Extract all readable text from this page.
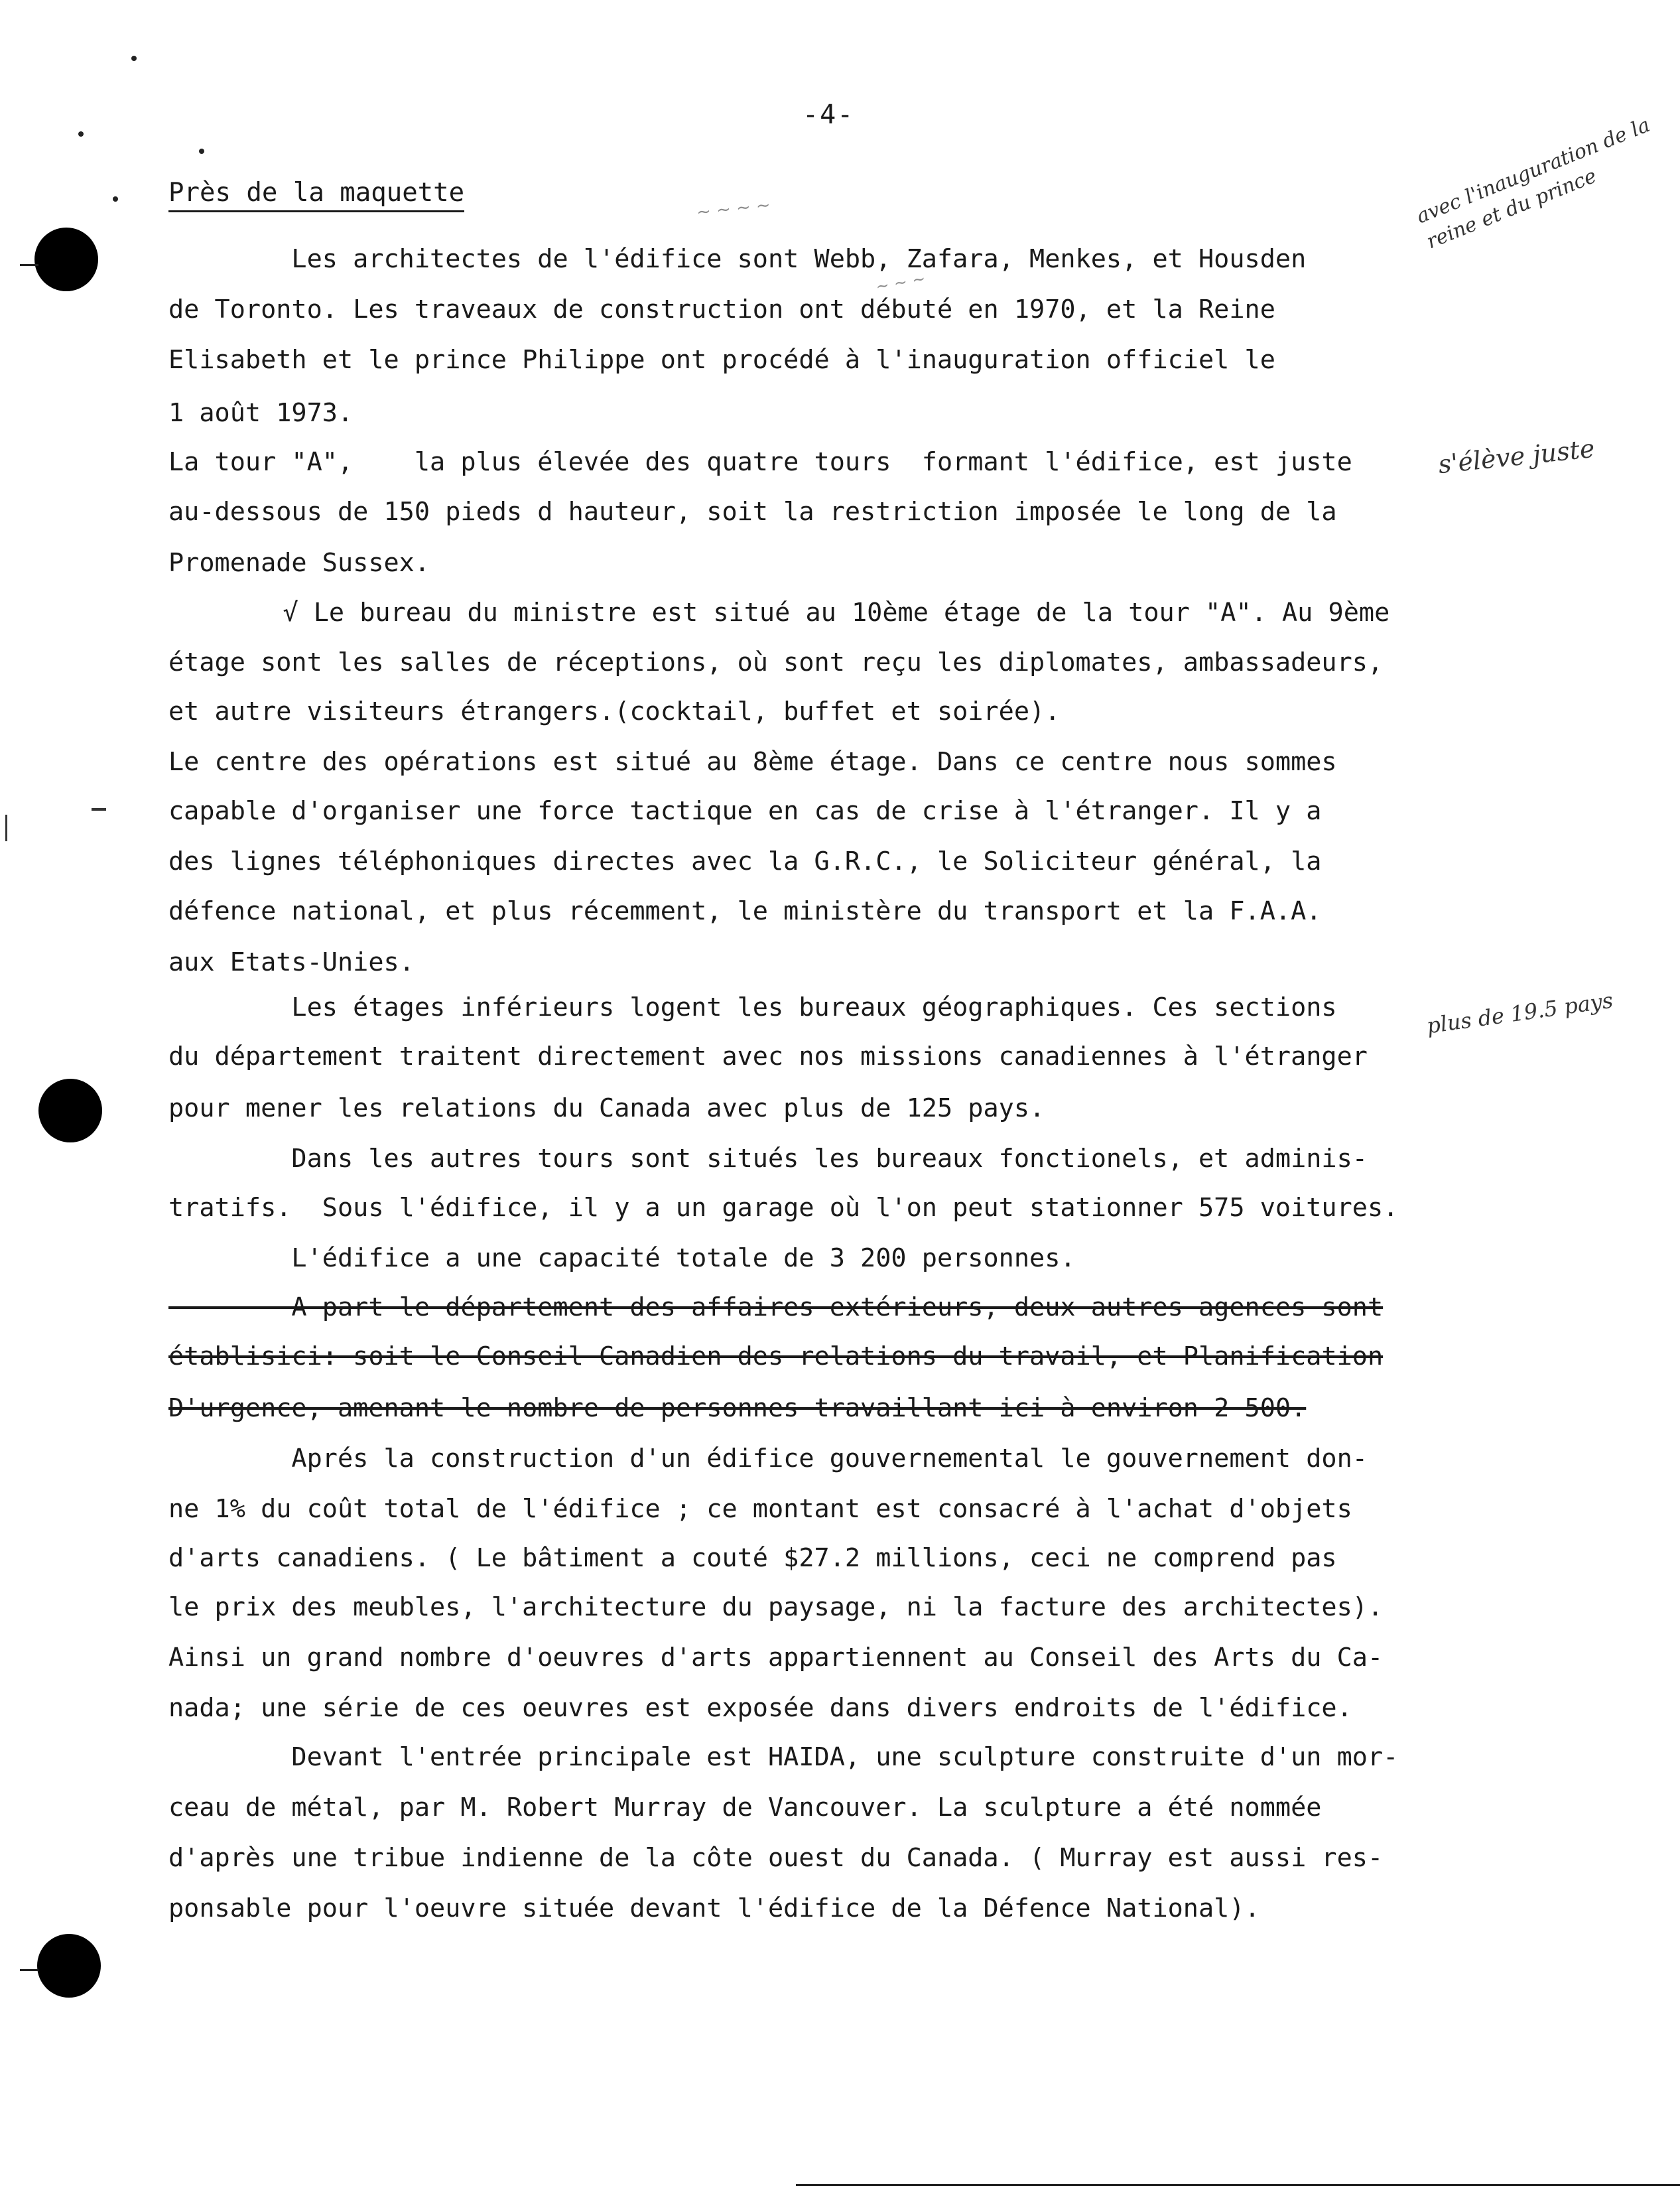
-4-
Près de la maquette
Les architectes de l'édifice sont Webb, Zafara, Menkes, et Housden
de Toronto. Les traveaux de construction ont débuté en 1970, et la Reine
Elisabeth et le prince Philippe ont procédé à l'inauguration officiel le
1 août 1973.
La tour "A",    la plus élevée des quatre tours  formant l'édifice, est juste
au-dessous de 150 pieds d hauteur, soit la restriction imposée le long de la
Promenade Sussex.
√ Le bureau du ministre est situé au 10ème étage de la tour "A". Au 9ème
étage sont les salles de réceptions, où sont reçu les diplomates, ambassadeurs,
et autre visiteurs étrangers.(cocktail, buffet et soirée).
Le centre des opérations est situé au 8ème étage. Dans ce centre nous sommes
capable d'organiser une force tactique en cas de crise à l'étranger. Il y a
des lignes téléphoniques directes avec la G.R.C., le Soliciteur général, la
défence national, et plus récemment, le ministère du transport et la F.A.A.
aux Etats-Unies.
Les étages inférieurs logent les bureaux géographiques. Ces sections
du département traitent directement avec nos missions canadiennes à l'étranger
pour mener les relations du Canada avec plus de 125 pays.
Dans les autres tours sont situés les bureaux fonctionels, et adminis-
tratifs.  Sous l'édifice, il y a un garage où l'on peut stationner 575 voitures.
L'édifice a une capacité totale de 3 200 personnes.
A part le département des affaires extérieurs, deux autres agences sont
établisici: soit le Conseil Canadien des relations du travail, et Planification
D'urgence, amenant le nombre de personnes travaillant ici à environ 2 500.
Aprés la construction d'un édifice gouvernemental le gouvernement don-
ne 1% du coût total de l'édifice ; ce montant est consacré à l'achat d'objets
d'arts canadiens. ( Le bâtiment a couté $27.2 millions, ceci ne comprend pas
le prix des meubles, l'architecture du paysage, ni la facture des architectes).
Ainsi un grand nombre d'oeuvres d'arts appartiennent au Conseil des Arts du Ca-
nada; une série de ces oeuvres est exposée dans divers endroits de l'édifice.
Devant l'entrée principale est HAIDA, une sculpture construite d'un mor-
ceau de métal, par M. Robert Murray de Vancouver. La sculpture a été nommée
d'après une tribue indienne de la côte ouest du Canada. ( Murray est aussi res-
ponsable pour l'oeuvre située devant l'édifice de la Défence National).
avec l'inauguration de la reine et du prince
s'élève juste
plus de 19.5 pays
~ ~ ~
~ ~ ~ ~
